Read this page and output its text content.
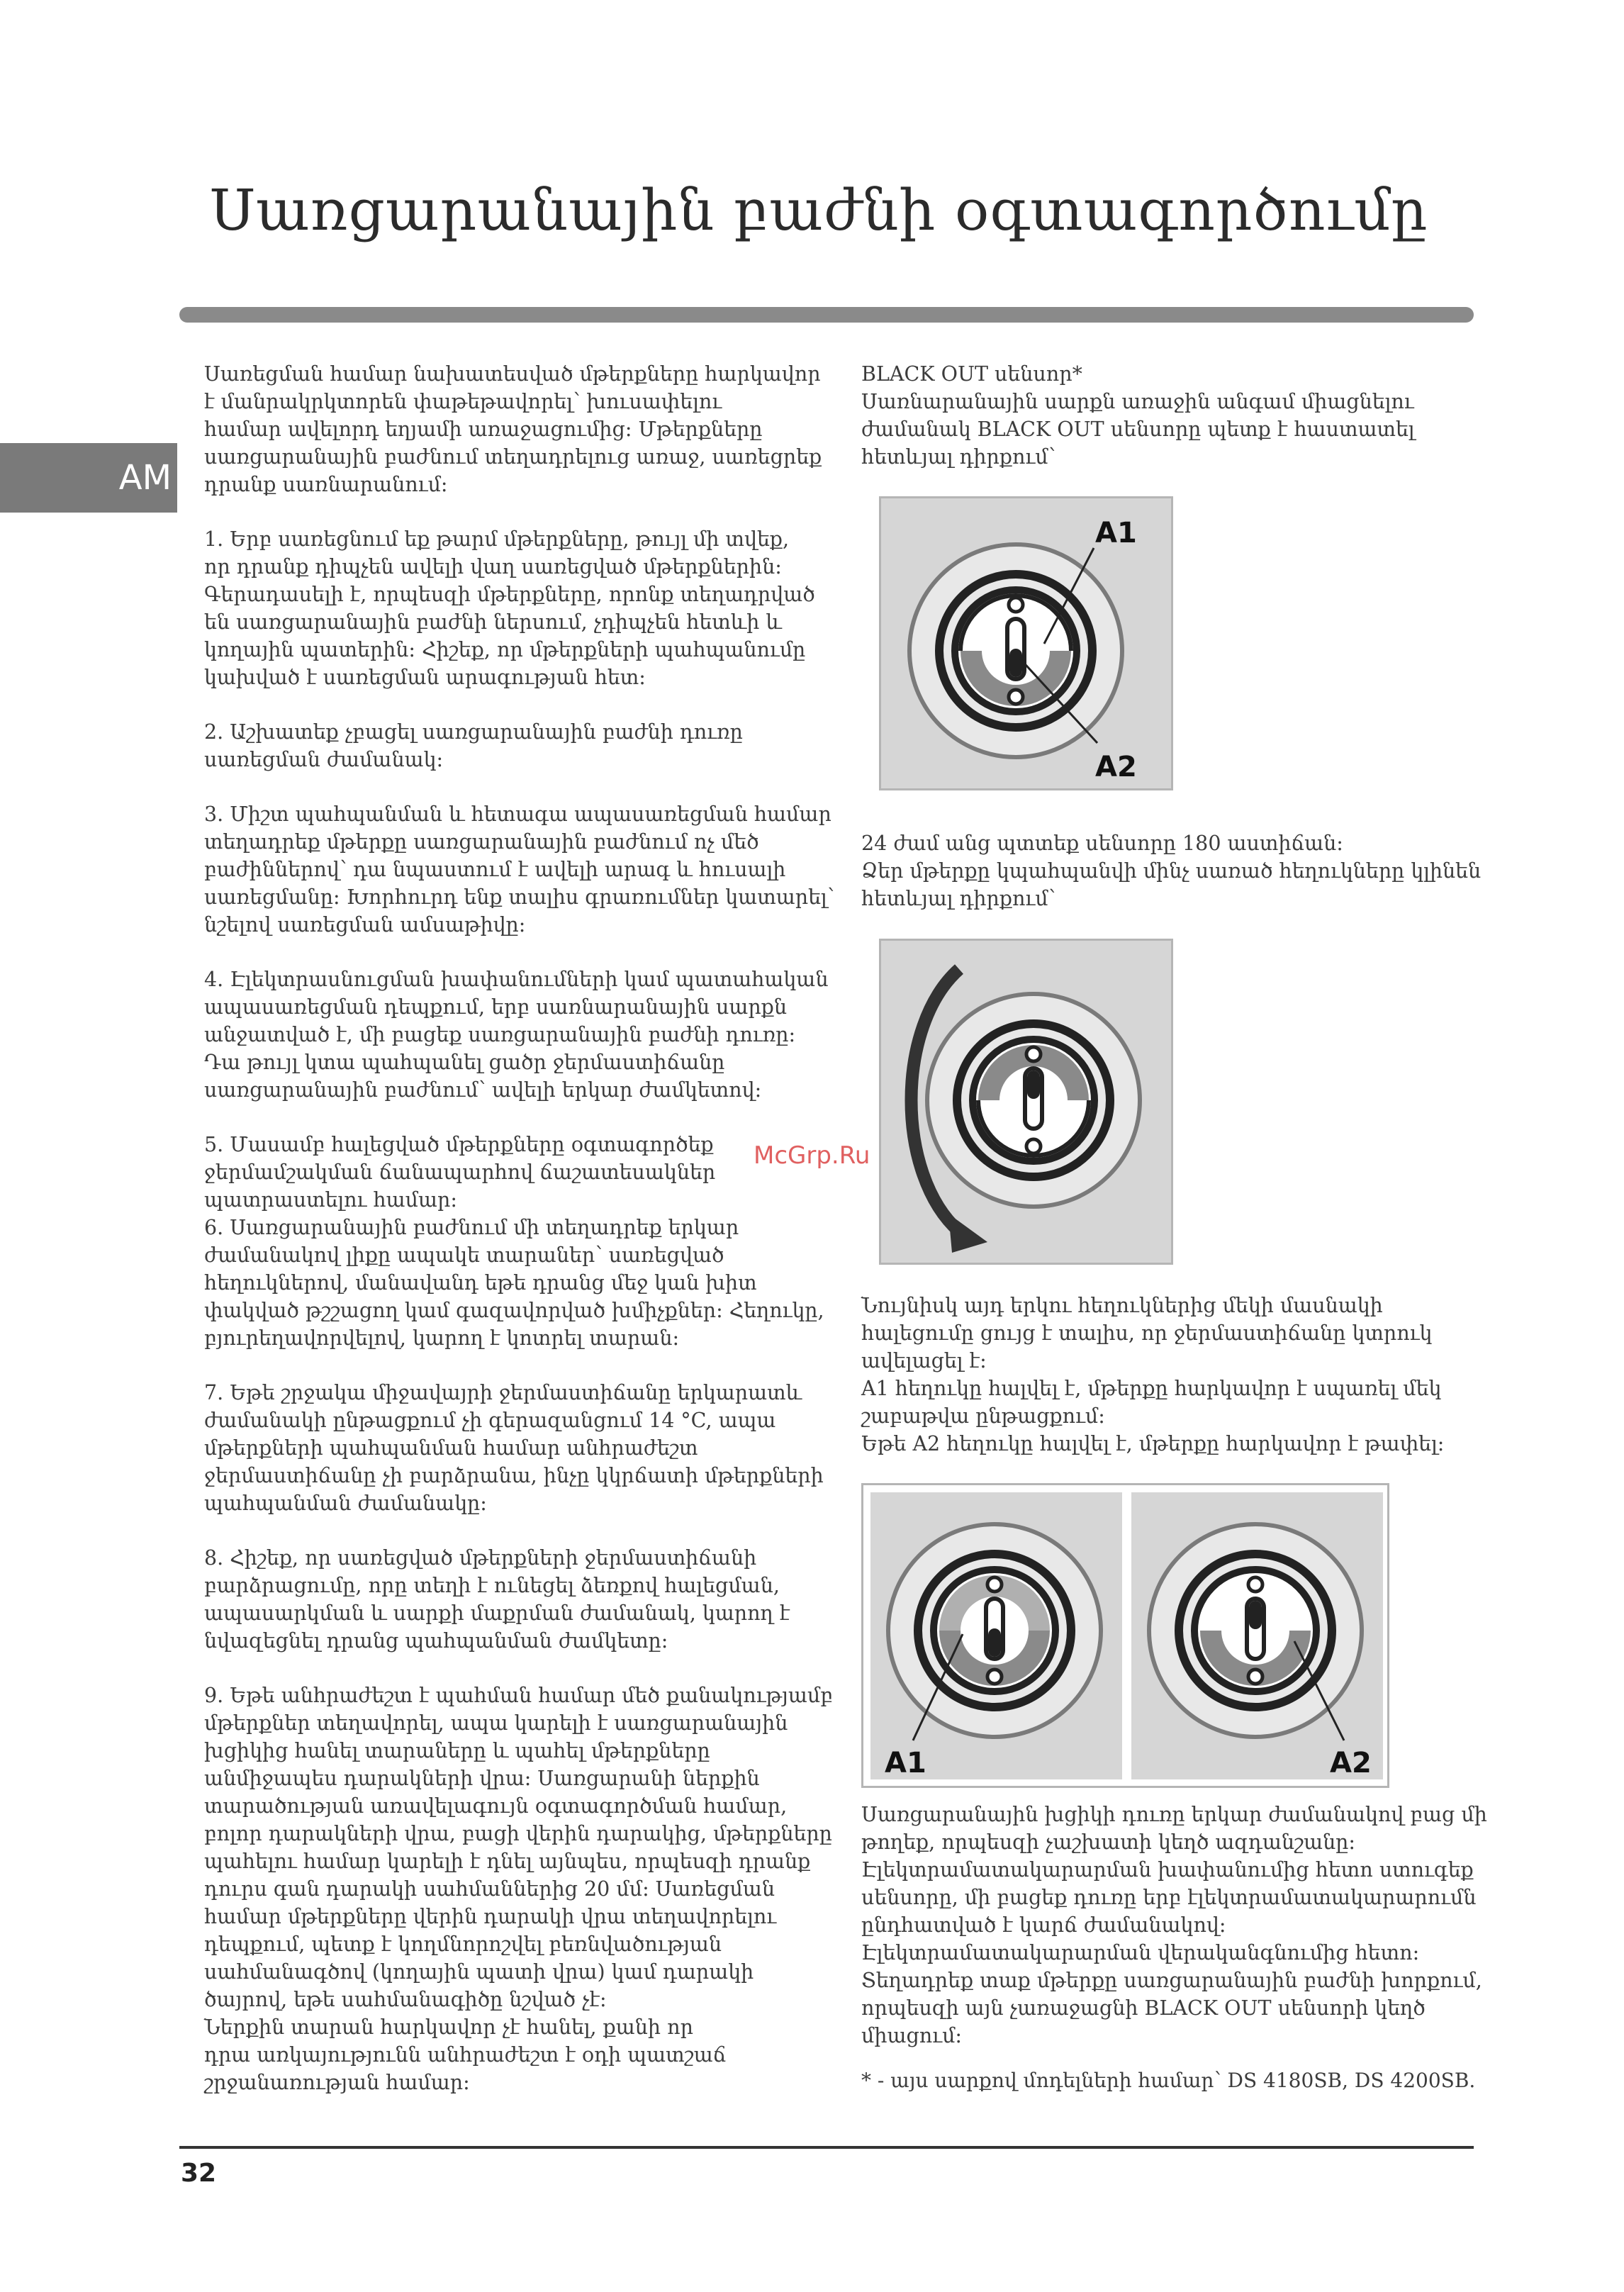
Սառցարանային բաժնի օգտագործումը
AM

Սառեցման համար նախատեսված մթերքները հարկավոր
է մանրակրկտորեն փաթեթավորել՝ խուսափելու
համար ավելորդ եղյամի առաջացումից: Մթերքները
սառցարանային բաժնում տեղադրելուց առաջ, սառեցրեք
դրանք սառնարանում:

1. Երբ սառեցնում եք թարմ մթերքները, թույլ մի տվեք,
որ դրանք դիպչեն ավելի վաղ սառեցված մթերքներին:
Գերադասելի է, որպեսզի մթերքները, որոնք տեղադրված
են սառցարանային բաժնի ներսում, չդիպչեն հետևի և
կողային պատերին: Հիշեք, որ մթերքների պահպանումը
կախված է սառեցման արագության հետ:

2. Աշխատեք չբացել սառցարանային բաժնի դուռը
սառեցման ժամանակ:

3. Միշտ պահպանման և հետագա ապասառեցման համար
տեղադրեք մթերքը սառցարանային բաժնում ոչ մեծ
բաժիններով՝ դա նպաստում է ավելի արագ և հուսալի
սառեցմանը: Խորհուրդ ենք տալիս գրառումներ կատարել՝
նշելով սառեցման ամսաթիվը:

4. Էլեկտրասնուցման խափանումների կամ պատահական
ապասառեցման դեպքում, երբ սառնարանային սարքն
անջատված է, մի բացեք սառցարանային բաժնի դուռը:
Դա թույլ կտա պահպանել ցածր ջերմաստիճանը
սառցարանային բաժնում՝ ավելի երկար ժամկետով:

5. Մասամբ հալեցված մթերքները օգտագործեք
ջերմամշակման ճանապարհով ճաշատեսակներ
պատրաստելու համար:

6. Սառցարանային բաժնում մի տեղադրեք երկար
ժամանակով լիքը ապակե տարաներ՝ սառեցված
հեղուկներով, մանավանդ եթե դրանց մեջ կան խիտ
փակված թշշացող կամ գազավորված խմիչքներ: Հեղուկը,
բյուրեղավորվելով, կարող է կոտրել տարան:

7. Եթե շրջակա միջավայրի ջերմաստիճանը երկարատև
ժամանակի ընթացքում չի գերազանցում 14 °C, ապա
մթերքների պահպանման համար անհրաժեշտ
ջերմաստիճանը չի բարձրանա, ինչը կկրճատի մթերքների
պահպանման ժամանակը:

8. Հիշեք, որ սառեցված մթերքների ջերմաստիճանի
բարձրացումը, որը տեղի է ունեցել ձեռքով հալեցման,
ապասարկման և սարքի մաքրման ժամանակ, կարող է
նվազեցնել դրանց պահպանման ժամկետը:

9. Եթե անհրաժեշտ է պահման համար մեծ քանակությամբ
մթերքներ տեղավորել, ապա կարելի է սառցարանային
խցիկից հանել տարաները և պահել մթերքները
անմիջապես դարակների վրա: Սառցարանի ներքին
տարածության առավելագույն օգտագործման համար,
բոլոր դարակների վրա, բացի վերին դարակից, մթերքները
պահելու համար կարելի է դնել այնպես, որպեսզի դրանք
դուրս գան դարակի սահմաններից 20 մմ: Սառեցման
համար մթերքները վերին դարակի վրա տեղավորելու
դեպքում, պետք է կողմնորոշվել բեռնվածության
սահմանագծով (կողային պատի վրա) կամ դարակի
ծայրով, եթե սահմանագիծը նշված չէ:
Ներքին տարան հարկավոր չէ հանել, քանի որ
դրա առկայությունն անհրաժեշտ է օդի պատշաճ
շրջանառության համար:

BLACK OUT սենսոր*
Սառնարանային սարքն առաջին անգամ միացնելու
ժամանակ BLACK OUT սենսորը պետք է հաստատել
հետևյալ դիրքում՝
A1
A2
24 ժամ անց պտտեք սենսորը 180 աստիճան:
Ձեր մթերքը կպահպանվի մինչ սառած հեղուկները կլինեն
հետևյալ դիրքում՝
Նույնիսկ այդ երկու հեղուկներից մեկի մասնակի
հալեցումը ցույց է տալիս, որ ջերմաստիճանը կտրուկ
ավելացել է:
A1 հեղուկը հալվել է, մթերքը հարկավոր է սպառել մեկ
շաբաթվա ընթացքում:
Եթե A2 հեղուկը հալվել է, մթերքը հարկավոր է թափել:
A1	A2
Սառցարանային խցիկի դուռը երկար ժամանակով բաց մի
թողեք, որպեսզի չաշխատի կեղծ ազդանշանը:
Էլեկտրամատակարարման խափանումից հետո ստուգեք
սենսորը, մի բացեք դուռը երբ էլեկտրամատակարարումն
ընդհատված է կարճ ժամանակով:
Էլեկտրամատակարարման վերականգնումից հետո:
Տեղադրեք տաք մթերքը սառցարանային բաժնի խորքում,
որպեսզի այն չառաջացնի BLACK OUT սենսորի կեղծ
միացում:
* - այս սարքով մոդելների համար՝ DS 4180SB, DS 4200SB.
McGrp.Ru
32
